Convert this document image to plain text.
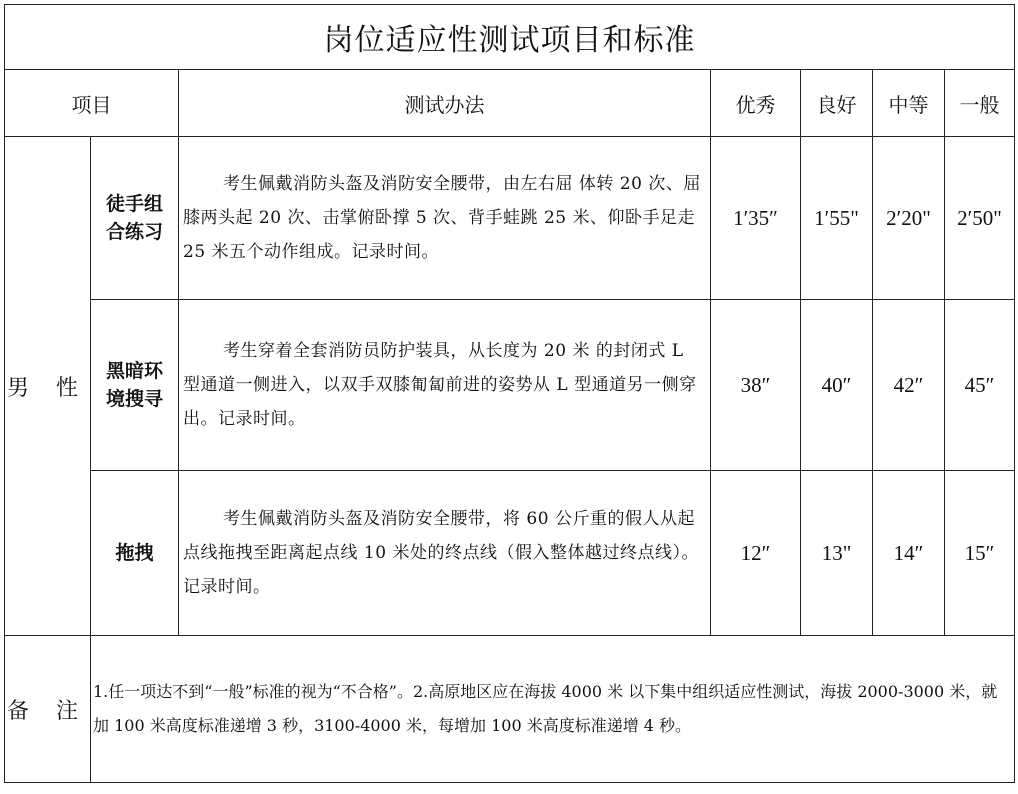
岗位适应性测试项目和标准						
项目		测试办法	优秀	良好	中等	一般
男 性	徒手组合练习	考生佩戴消防头盔及消防安全腰带，由左右屈 体转 20 次、屈膝两头起 20 次、击掌俯卧撑 5 次、背手蛙跳 25 米、仰卧手足走 25 米五个动作组成。记录时间。	1′35″	1′55"	2′20"	2′50"
	黑暗环境搜寻	考生穿着全套消防员防护装具，从长度为 20 米 的封闭式 L 型通道一侧进入，以双手双膝匍匐前进的姿势从 L 型通道另一侧穿出。记录时间。	38″	40″	42″	45″
	拖拽	考生佩戴消防头盔及消防安全腰带，将 60 公斤重的假人从起点线拖拽至距离起点线 10 米处的终点线（假入整体越过终点线）。记录时间。	12″	13"	14″	15″
备 注	1.任一项达不到“一般”标准的视为“不合格”。2.高原地区应在海拔 4000 米 以下集中组织适应性测试，海拔 2000-3000 米，就加 100 米高度标准递增 3 秒，3100-4000 米，每增加 100 米高度标准递增 4 秒。					
